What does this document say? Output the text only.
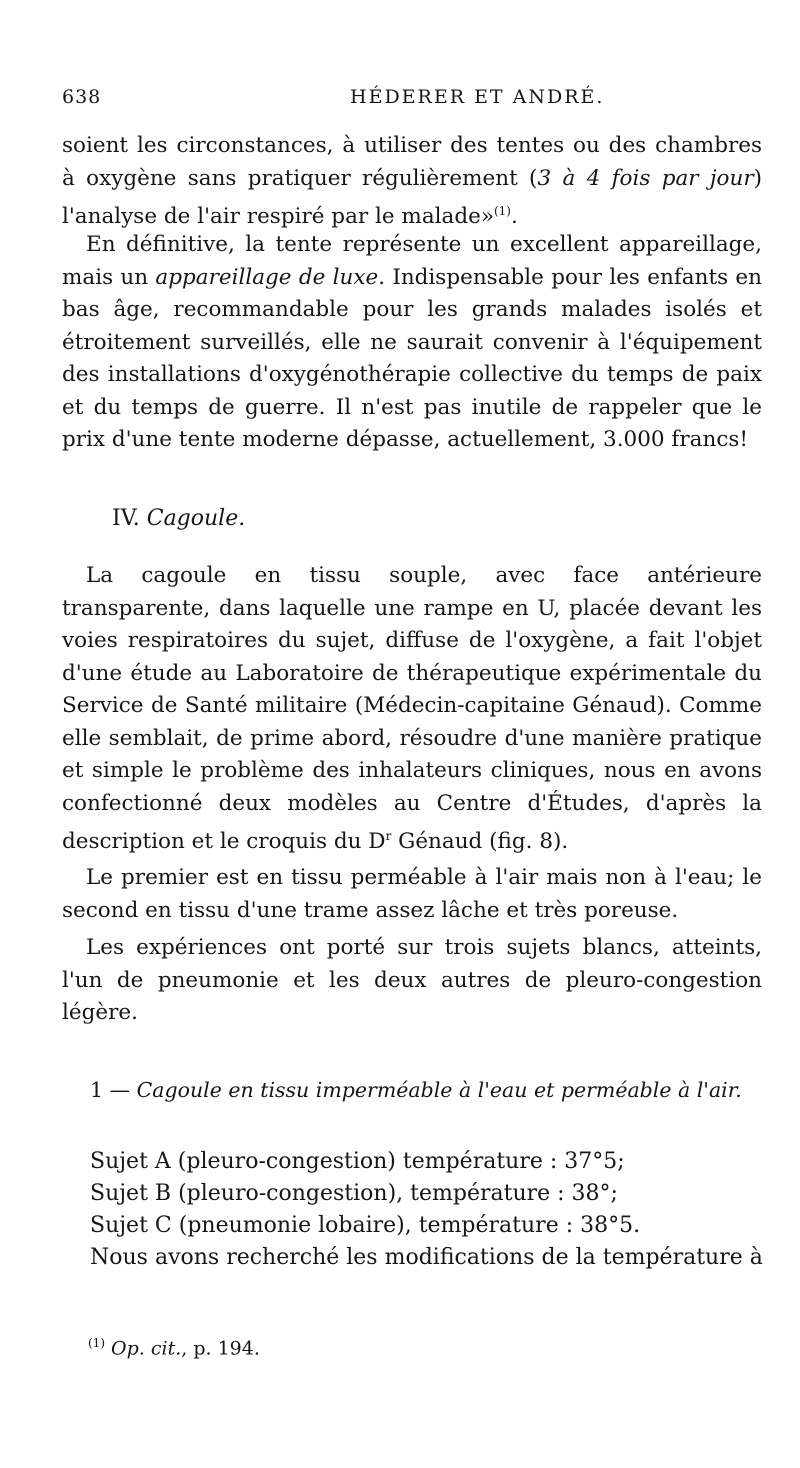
638	HÉDERER ET ANDRÉ.

soient les circonstances, à utiliser des tentes ou des chambres à oxygène sans pratiquer régulièrement (3 à 4 fois par jour) l'analyse de l'air respiré par le malade»$^{(1)}$.

En définitive, la tente représente un excellent appareillage, mais un appareillage de luxe. Indispensable pour les enfants en bas âge, recommandable pour les grands malades isolés et étroitement surveillés, elle ne saurait convenir à l'équipement des installations d'oxygénothérapie collective du temps de paix et du temps de guerre. Il n'est pas inutile de rappeler que le prix d'une tente moderne dépasse, actuellement, 3.000 francs!

IV. Cagoule.

La cagoule en tissu souple, avec face antérieure transparente, dans laquelle une rampe en U, placée devant les voies respiratoires du sujet, diffuse de l'oxygène, a fait l'objet d'une étude au Laboratoire de thérapeutique expérimentale du Service de Santé militaire (Médecin-capitaine Génaud). Comme elle semblait, de prime abord, résoudre d'une manière pratique et simple le problème des inhalateurs cliniques, nous en avons confectionné deux modèles au Centre d'Études, d'après la description et le croquis du $D^r$ Génaud (fig. 8).

Le premier est en tissu perméable à l'air mais non à l'eau; le second en tissu d'une trame assez lâche et très poreuse.

Les expériences ont porté sur trois sujets blancs, atteints, l'un de pneumonie et les deux autres de pleuro-congestion légère.

1 — Cagoule en tissu imperméable à l'eau et perméable à l'air.

Sujet A (pleuro-congestion) température : 37°5;

Sujet B (pleuro-congestion), température : 38°;

Sujet C (pneumonie lobaire), température : 38°5.

Nous avons recherché les modifications de la température à

$^{(1)}$ Op. cit., p. 194.
